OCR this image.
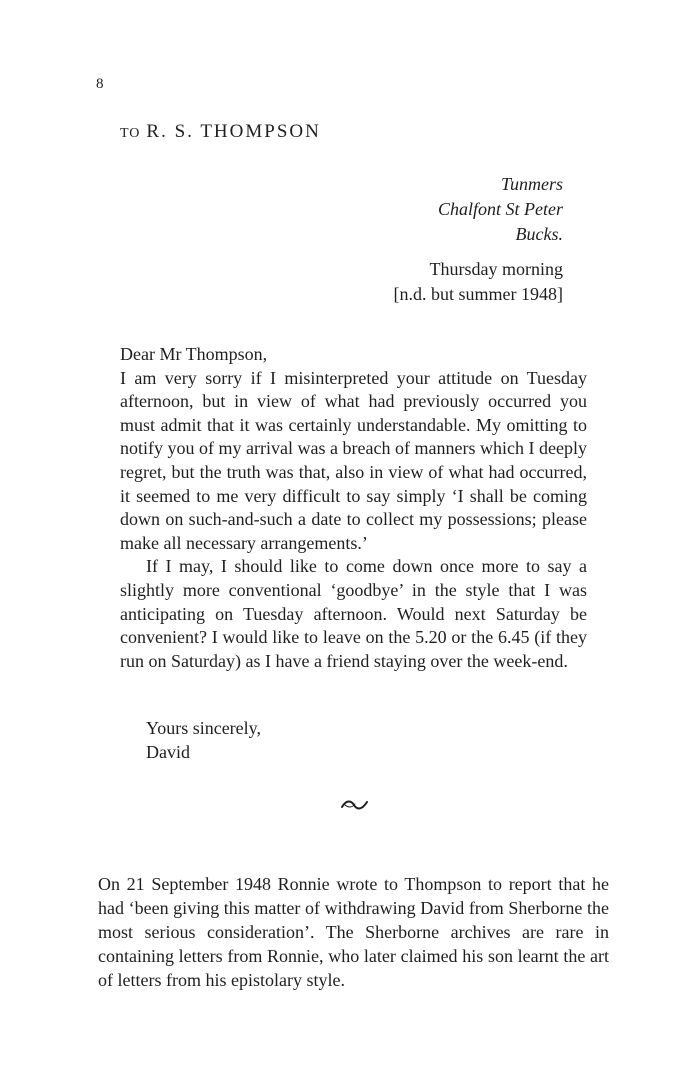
8
TO R. S. THOMPSON
Tunmers
Chalfont St Peter
Bucks.
Thursday morning
[n.d. but summer 1948]

Dear Mr Thompson,

I am very sorry if I misinterpreted your attitude on Tuesday afternoon, but in view of what had previously occurred you must admit that it was certainly understandable. My omitting to notify you of my arrival was a breach of manners which I deeply regret, but the truth was that, also in view of what had occurred, it seemed to me very difficult to say simply ‘I shall be coming down on such-and-such a date to collect my possessions; please make all necessary arrangements.’

If I may, I should like to come down once more to say a slightly more conventional ‘goodbye’ in the style that I was anticipating on Tuesday afternoon. Would next Saturday be convenient? I would like to leave on the 5.20 or the 6.45 (if they run on Saturday) as I have a friend staying over the week-end.

Yours sincerely,
David

On 21 September 1948 Ronnie wrote to Thompson to report that he had ‘been giving this matter of withdrawing David from Sherborne the most serious consideration’. The Sherborne archives are rare in containing letters from Ronnie, who later claimed his son learnt the art of letters from his epistolary style.
